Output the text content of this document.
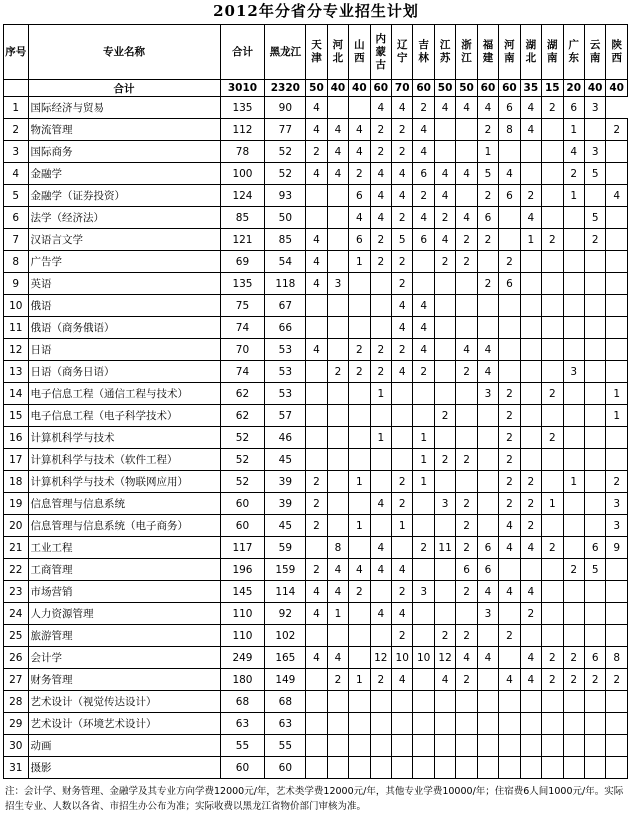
2012年分省分专业招生计划
序号	专业名称	合计	黑龙江	天津	河北	山西	内蒙古	辽宁	吉林	江苏	浙江	福建	河南	湖北	湖南	广东	云南	陕西
	合计	3010	2320	50	40	40	60	70	60	50	50	60	60	35	15	20	40	40
1	国际经济与贸易	135	90	4			4	4	2	4	4	4	6	4	2	6	3	
2	物流管理	112	77	4	4	4	2	2	4			2	8	4		1		2
3	国际商务	78	52	2	4	4	2	2	4			1				4	3	
4	金融学	100	52	4	4	2	4	4	6	4	4	5	4			2	5	
5	金融学（证券投资）	124	93			6	4	4	2	4		2	6	2		1		4
6	法学（经济法）	85	50			4	4	2	4	2	4	6		4			5	
7	汉语言文学	121	85	4		6	2	5	6	4	2	2		1	2		2	
8	广告学	69	54	4		1	2	2		2	2		2					
9	英语	135	118	4	3			2				2	6					
10	俄语	75	67					4	4									
11	俄语（商务俄语）	74	66					4	4									
12	日语	70	53	4		2	2	2	4		4	4						
13	日语（商务日语）	74	53		2	2	2	4	2		2	4				3		
14	电子信息工程（通信工程与技术）	62	53				1					3	2		2			1
15	电子信息工程（电子科学技术）	62	57							2			2					1
16	计算机科学与技术	52	46				1		1				2		2			
17	计算机科学与技术（软件工程）	52	45						1	2	2		2					
18	计算机科学与技术（物联网应用）	52	39	2		1		2	1				2	2		1		2
19	信息管理与信息系统	60	39	2			4	2		3	2		2	2	1			3
20	信息管理与信息系统（电子商务）	60	45	2		1		1			2		4	2				3
21	工业工程	117	59		8		4		2	11	2	6	4	4	2		6	9
22	工商管理	196	159	2	4	4	4	4			6	6				2	5	
23	市场营销	145	114	4	4	2		2	3		2	4	4	4				
24	人力资源管理	110	92	4	1		4	4				3		2				
25	旅游管理	110	102					2		2	2		2					
26	会计学	249	165	4	4		12	10	10	12	4	4		4	2	2	6	8
27	财务管理	180	149		2	1	2	4		4	2		4	4	2	2	2	2
28	艺术设计（视觉传达设计）	68	68															
29	艺术设计（环境艺术设计）	63	63															
30	动画	55	55															
31	摄影	60	60															
注：会计学、财务管理、金融学及其专业方向学费12000元/年，艺术类学费12000元/年，其他专业学费10000/年；住宿费6人间1000元/年。实际招生专业、人数以各省、市招生办公布为准；实际收费以黑龙江省物价部门审核为准。
